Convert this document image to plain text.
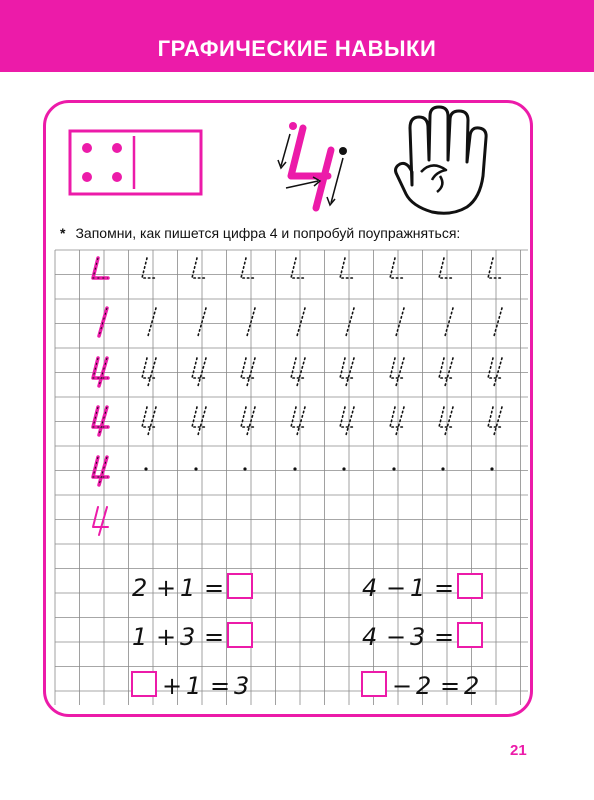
ГРАФИЧЕСКИЕ НАВЫКИ
2 + 1 =	4 − 1 =
1 + 3 =	4 − 3 =
+ 1 = 3	− 2 = 2
* Запомни, как пишется цифра 4 и попробуй поупражняться:
21
